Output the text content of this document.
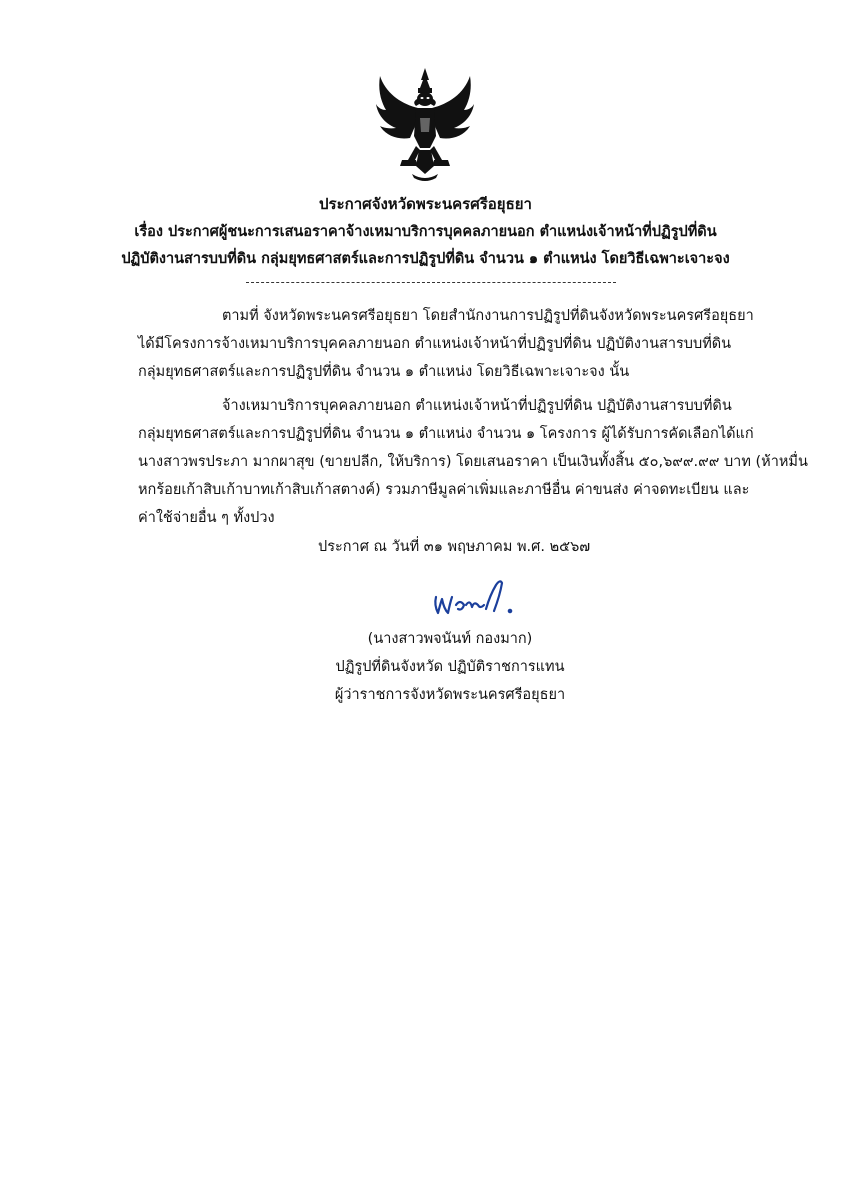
ประกาศจังหวัดพระนครศรีอยุธยา
เรื่อง ประกาศผู้ชนะการเสนอราคาจ้างเหมาบริการบุคคลภายนอก ตำแหน่งเจ้าหน้าที่ปฏิรูปที่ดิน
ปฏิบัติงานสารบบที่ดิน กลุ่มยุทธศาสตร์และการปฏิรูปที่ดิน จำนวน ๑ ตำแหน่ง โดยวิธีเฉพาะเจาะจง
ตามที่ จังหวัดพระนครศรีอยุธยา โดยสำนักงานการปฏิรูปที่ดินจังหวัดพระนครศรีอยุธยา
ได้มีโครงการจ้างเหมาบริการบุคคลภายนอก ตำแหน่งเจ้าหน้าที่ปฏิรูปที่ดิน ปฏิบัติงานสารบบที่ดิน
กลุ่มยุทธศาสตร์และการปฏิรูปที่ดิน จำนวน ๑ ตำแหน่ง โดยวิธีเฉพาะเจาะจง นั้น
จ้างเหมาบริการบุคคลภายนอก ตำแหน่งเจ้าหน้าที่ปฏิรูปที่ดิน ปฏิบัติงานสารบบที่ดิน
กลุ่มยุทธศาสตร์และการปฏิรูปที่ดิน จำนวน ๑ ตำแหน่ง จำนวน ๑ โครงการ ผู้ได้รับการคัดเลือกได้แก่
นางสาวพรประภา มากผาสุข (ขายปลีก, ให้บริการ) โดยเสนอราคา เป็นเงินทั้งสิ้น ๕๐,๖๙๙.๙๙ บาท (ห้าหมื่น
หกร้อยเก้าสิบเก้าบาทเก้าสิบเก้าสตางค์) รวมภาษีมูลค่าเพิ่มและภาษีอื่น ค่าขนส่ง ค่าจดทะเบียน และ
ค่าใช้จ่ายอื่น ๆ ทั้งปวง
ประกาศ ณ วันที่ ๓๑ พฤษภาคม พ.ศ. ๒๕๖๗
(นางสาวพจนันท์ กองมาก)
ปฏิรูปที่ดินจังหวัด ปฏิบัติราชการแทน
ผู้ว่าราชการจังหวัดพระนครศรีอยุธยา
